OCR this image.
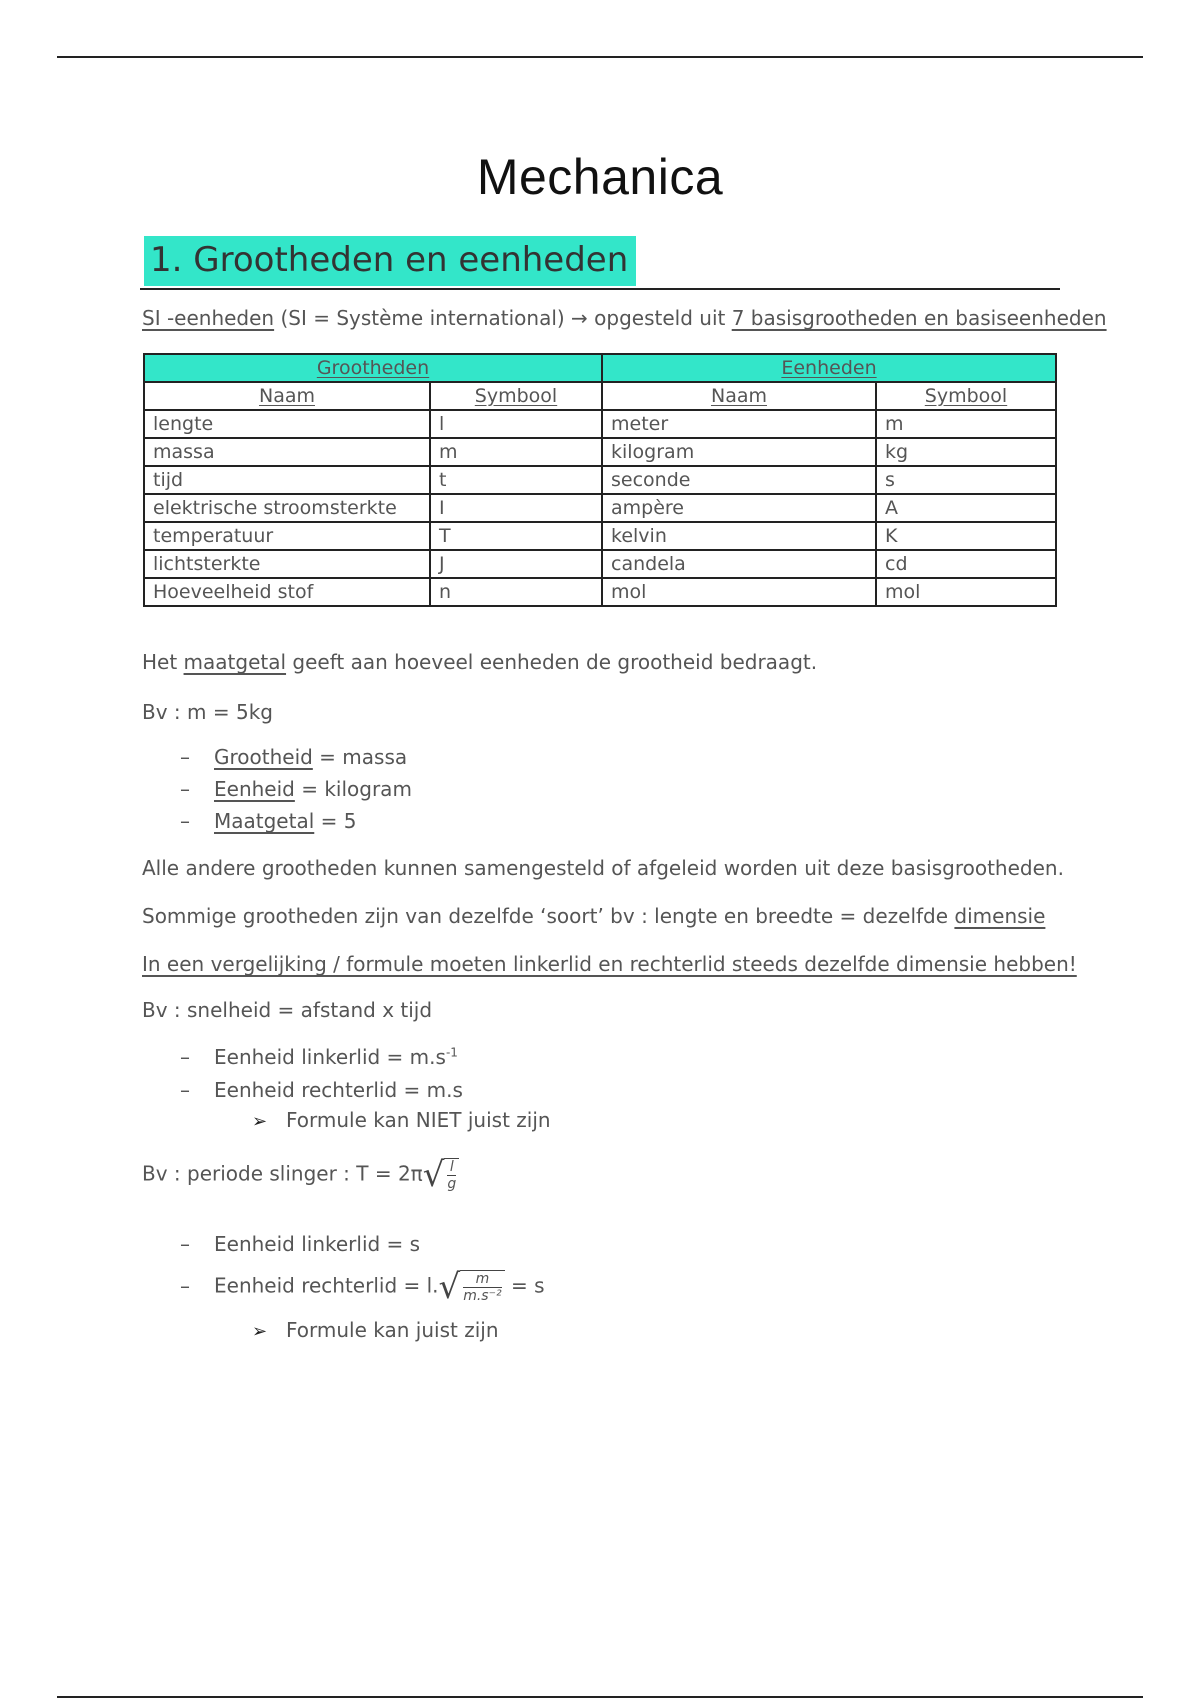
Mechanica
1. Grootheden en eenheden
SI -eenheden (SI = Système international) → opgesteld uit 7 basisgrootheden en basiseenheden
Grootheden		Eenheden	
Naam	Symbool	Naam	Symbool
lengte	l	meter	m
massa	m	kilogram	kg
tijd	t	seconde	s
elektrische stroomsterkte	I	ampère	A
temperatuur	T	kelvin	K
lichtsterkte	J	candela	cd
Hoeveelheid stof	n	mol	mol
Het maatgetal geeft aan hoeveel eenheden de grootheid bedraagt.
Bv : m = 5kg
– Grootheid = massa
– Eenheid = kilogram
– Maatgetal = 5
Alle andere grootheden kunnen samengesteld of afgeleid worden uit deze basisgrootheden.
Sommige grootheden zijn van dezelfde ‘soort’ bv : lengte en breedte = dezelfde dimensie
In een vergelijking / formule moeten linkerlid en rechterlid steeds dezelfde dimensie hebben!
Bv : snelheid = afstand x tijd
– Eenheid linkerlid = $m.s^{-1}$
– Eenheid rechterlid = m.s
➢ Formule kan NIET juist zijn
Bv : periode slinger : T = 2π √ l
g
– Eenheid linkerlid = s
– Eenheid rechterlid = l. √ m
m.s⁻² = s
➢ Formule kan juist zijn
